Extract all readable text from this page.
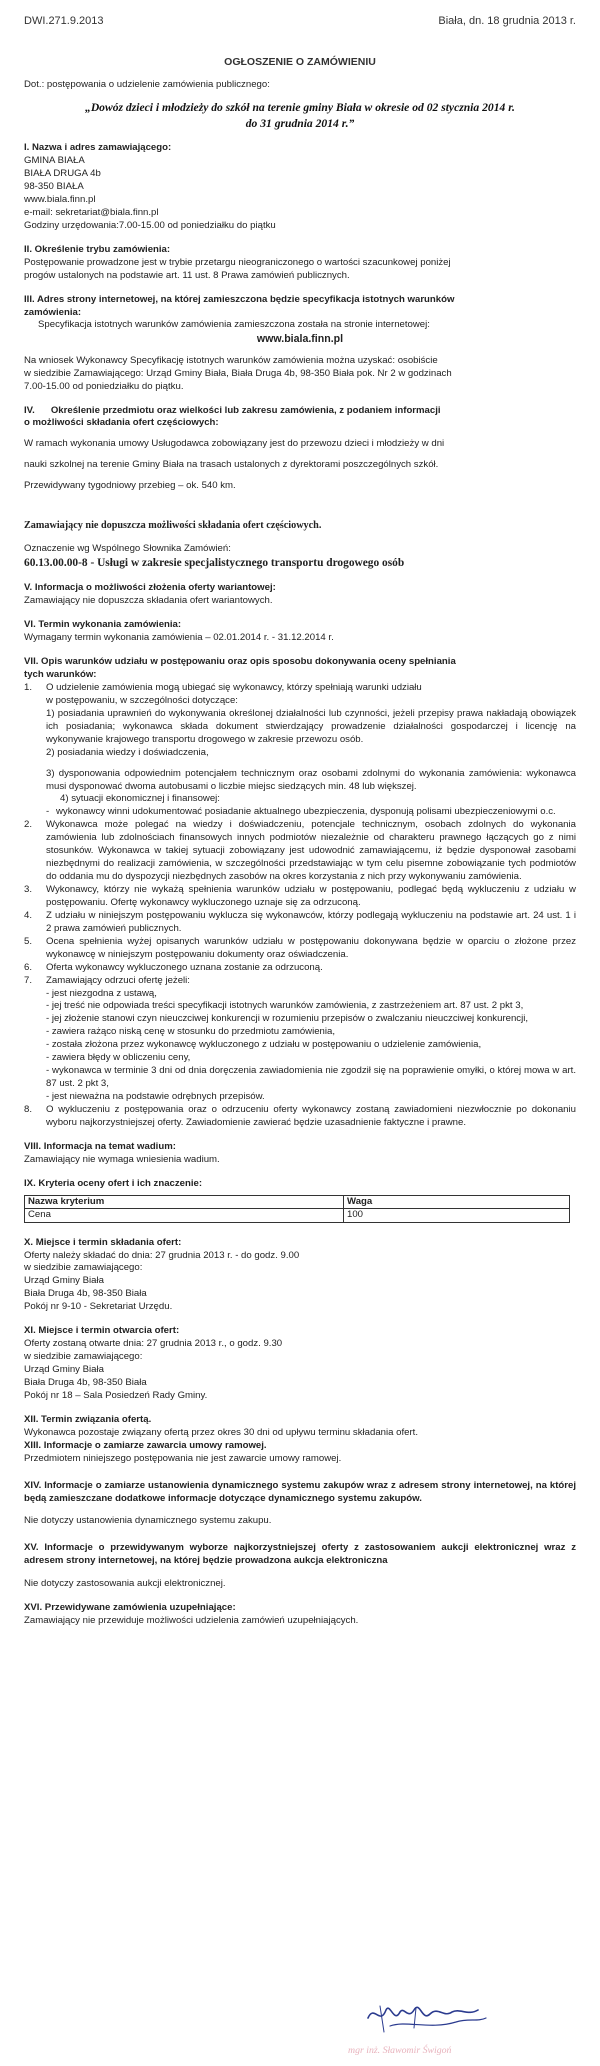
DWI.271.9.2013	Biała, dn. 18 grudnia 2013 r.
OGŁOSZENIE O ZAMÓWIENIU

Dot.: postępowania o udzielenie zamówienia publicznego:

„Dowóz dzieci i młodzieży do szkół na terenie gminy Biała w okresie od 02 stycznia 2014 r.
do 31 grudnia 2014 r.”

I. Nazwa i adres zamawiającego:

GMINA BIAŁA

BIAŁA DRUGA 4b

98-350 BIAŁA

www.biala.finn.pl

e-mail: sekretariat@biala.finn.pl

Godziny urzędowania:7.00-15.00 od poniedziałku do piątku

II. Określenie trybu zamówienia:

Postępowanie prowadzone jest w trybie przetargu nieograniczonego o wartości szacunkowej poniżej

progów ustalonych na podstawie art. 11 ust. 8 Prawa zamówień publicznych.

III. Adres strony internetowej, na której zamieszczona będzie specyfikacja istotnych warunków

zamówienia:

Specyfikacja istotnych warunków zamówienia zamieszczona została na stronie internetowej:

www.biala.finn.pl

Na wniosek Wykonawcy Specyfikację istotnych warunków zamówienia można uzyskać: osobiście

w siedzibie Zamawiającego: Urząd Gminy Biała, Biała Druga 4b, 98-350 Biała pok. Nr 2 w godzinach

7.00-15.00 od poniedziałku do piątku.

IV.      Określenie przedmiotu oraz wielkości lub zakresu zamówienia, z podaniem informacji

o możliwości składania ofert częściowych:

W ramach wykonania umowy Usługodawca zobowiązany jest do przewozu dzieci i młodzieży w dni

nauki szkolnej na terenie Gminy Biała na trasach ustalonych z dyrektorami poszczególnych szkół.

Przewidywany tygodniowy przebieg – ok. 540 km.

Zamawiający nie dopuszcza możliwości składania ofert częściowych.

Oznaczenie wg Wspólnego Słownika Zamówień:

60.13.00.00-8 - Usługi w zakresie specjalistycznego transportu drogowego osób

V. Informacja o możliwości złożenia oferty wariantowej:

Zamawiający nie dopuszcza składania ofert wariantowych.

VI. Termin wykonania zamówienia:

Wymagany termin wykonania zamówienia – 02.01.2014 r. - 31.12.2014 r.

VII. Opis warunków udziału w postępowaniu oraz opis sposobu dokonywania oceny spełniania

tych warunków:

1.	O udzielenie zamówienia mogą ubiegać się wykonawcy, którzy spełniają warunki udziału

w postępowaniu, w szczególności dotyczące:

1) posiadania uprawnień do wykonywania określonej działalności lub czynności, jeżeli przepisy prawa nakładają obowiązek ich posiadania; wykonawca składa dokument stwierdzający prowadzenie działalności gospodarczej i licencję na wykonywanie krajowego transportu drogowego w zakresie przewozu osób.

2) posiadania wiedzy i doświadczenia,

3) dysponowania odpowiednim potencjałem technicznym oraz osobami zdolnymi do wykonania zamówienia: wykonawca musi dysponować dwoma autobusami o liczbie miejsc siedzących min. 48 lub większej.

4) sytuacji ekonomicznej i finansowej:

- wykonawcy winni udokumentować posiadanie aktualnego ubezpieczenia, dysponują polisami ubezpieczeniowymi o.c.
2.	Wykonawca może polegać na wiedzy i doświadczeniu, potencjale technicznym, osobach zdolnych do wykonania zamówienia lub zdolnościach finansowych innych podmiotów niezależnie od charakteru prawnego łączących go z nimi stosunków. Wykonawca w takiej sytuacji zobowiązany jest udowodnić zamawiającemu, iż będzie dysponował zasobami niezbędnymi do realizacji zamówienia, w szczególności przedstawiając w tym celu pisemne zobowiązanie tych podmiotów do oddania mu do dyspozycji niezbędnych zasobów na okres korzystania z nich przy wykonywaniu zamówienia.
3.	Wykonawcy, którzy nie wykażą spełnienia warunków udziału w postępowaniu, podlegać będą wykluczeniu z udziału w postępowaniu. Ofertę wykonawcy wykluczonego uznaje się za odrzuconą.
4.	Z udziału w niniejszym postępowaniu wyklucza się wykonawców, którzy podlegają wykluczeniu na podstawie art. 24 ust. 1 i 2 prawa zamówień publicznych.
5.	Ocena spełnienia wyżej opisanych warunków udziału w postępowaniu dokonywana będzie w oparciu o złożone przez wykonawcę w niniejszym postępowaniu dokumenty oraz oświadczenia.
6.	Oferta wykonawcy wykluczonego uznana zostanie za odrzuconą.
7.	Zamawiający odrzuci ofertę jeżeli:

- jest niezgodna z ustawą,

- jej treść nie odpowiada treści specyfikacji istotnych warunków zamówienia, z zastrzeżeniem art. 87 ust. 2 pkt 3,

- jej złożenie stanowi czyn nieuczciwej konkurencji w rozumieniu przepisów o zwalczaniu nieuczciwej konkurencji,

- zawiera rażąco niską cenę w stosunku do przedmiotu zamówienia,

- została złożona przez wykonawcę wykluczonego z udziału w postępowaniu o udzielenie zamówienia,

- zawiera błędy w obliczeniu ceny,

- wykonawca w terminie 3 dni od dnia doręczenia zawiadomienia nie zgodził się na poprawienie omyłki, o której mowa w art. 87 ust. 2 pkt 3,

- jest nieważna na podstawie odrębnych przepisów.

8.	O wykluczeniu z postępowania oraz o odrzuceniu oferty wykonawcy zostaną zawiadomieni niezwłocznie po dokonaniu wyboru najkorzystniejszej oferty. Zawiadomienie zawierać będzie uzasadnienie faktyczne i prawne.

VIII. Informacja na temat wadium:

Zamawiający nie wymaga wniesienia wadium.

IX. Kryteria oceny ofert i ich znaczenie:

Nazwa kryterium	Waga
Cena	100

X. Miejsce i termin składania ofert:

Oferty należy składać do dnia: 27 grudnia 2013 r. - do godz. 9.00

w siedzibie zamawiającego:

Urząd Gminy Biała

Biała Druga 4b, 98-350 Biała

Pokój nr 9-10 - Sekretariat Urzędu.

XI. Miejsce i termin otwarcia ofert:

Oferty zostaną otwarte dnia: 27 grudnia 2013 r., o godz. 9.30

w siedzibie zamawiającego:

Urząd Gminy Biała

Biała Druga 4b, 98-350 Biała

Pokój nr 18 – Sala Posiedzeń Rady Gminy.

XII. Termin związania ofertą.

Wykonawca pozostaje związany ofertą przez okres 30 dni od upływu terminu składania ofert.

XIII. Informacje o zamiarze zawarcia umowy ramowej.

Przedmiotem niniejszego postępowania nie jest zawarcie umowy ramowej.

XIV. Informacje o zamiarze ustanowienia dynamicznego systemu zakupów wraz z adresem strony internetowej, na której będą zamieszczane dodatkowe informacje dotyczące dynamicznego systemu zakupów.

Nie dotyczy ustanowienia dynamicznego systemu zakupu.

XV. Informacje o przewidywanym wyborze najkorzystniejszej oferty z zastosowaniem aukcji elektronicznej wraz z adresem strony internetowej, na której będzie prowadzona aukcja elektroniczna

Nie dotyczy zastosowania aukcji elektronicznej.

XVI. Przewidywane zamówienia uzupełniające:

Zamawiający nie przewiduje możliwości udzielenia zamówień uzupełniających.

mgr inż. Sławomir Świgoń
